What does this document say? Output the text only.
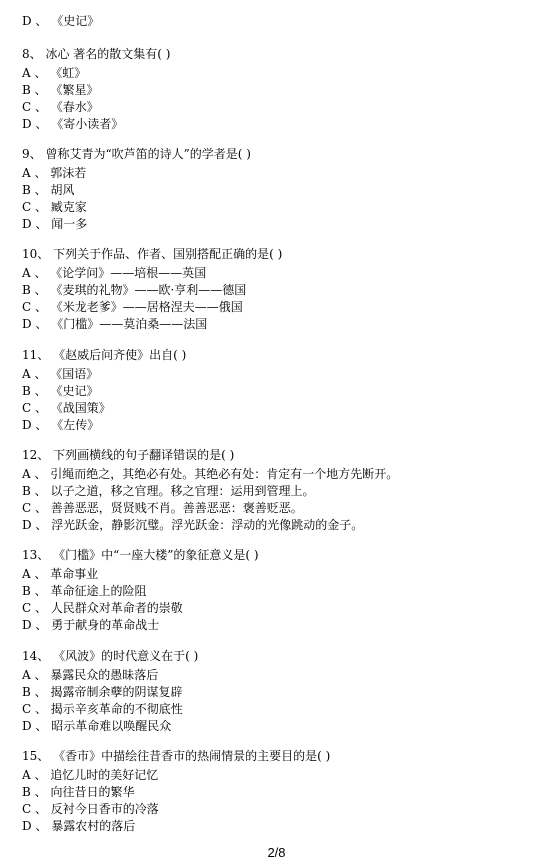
D 、 《史记》
8、 冰心 著名的散文集有( )
A 、 《虹》
B 、 《繁星》
C 、 《春水》
D 、 《寄小读者》
9、 曾称艾青为“吹芦笛的诗人”的学者是( )
A 、 郭沫若
B 、 胡风
C 、 臧克家
D 、 闻一多
10、 下列关于作品、作者、国别搭配正确的是( )
A 、 《论学问》——培根——英国
B 、 《麦琪的礼物》——欧·亨利——德国
C 、 《米龙老爹》——居格涅夫——俄国
D 、 《门槛》——莫泊桑——法国
11、 《赵威后问齐使》出自( )
A 、 《国语》
B 、 《史记》
C 、 《战国策》
D 、 《左传》
12、 下列画横线的句子翻译错误的是( )
A 、 引绳而绝之，其绝必有处。其绝必有处：肯定有一个地方先断开。
B 、 以子之道，移之官理。移之官理：运用到管理上。
C 、 善善恶恶，贤贤贱不肖。善善恶恶：褒善贬恶。
D 、 浮光跃金，静影沉璧。浮光跃金：浮动的光像跳动的金子。
13、 《门槛》中“一座大楼”的象征意义是( )
A 、 革命事业
B 、 革命征途上的险阻
C 、 人民群众对革命者的崇敬
D 、 勇于献身的革命战士
14、 《风波》的时代意义在于( )
A 、 暴露民众的愚昧落后
B 、 揭露帝制余孽的阴谋复辟
C 、 揭示辛亥革命的不彻底性
D 、 昭示革命难以唤醒民众
15、 《香市》中描绘往昔香市的热闹情景的主要目的是( )
A 、 追忆儿时的美好记忆
B 、 向往昔日的繁华
C 、 反衬今日香市的冷落
D 、 暴露农村的落后
2/8
